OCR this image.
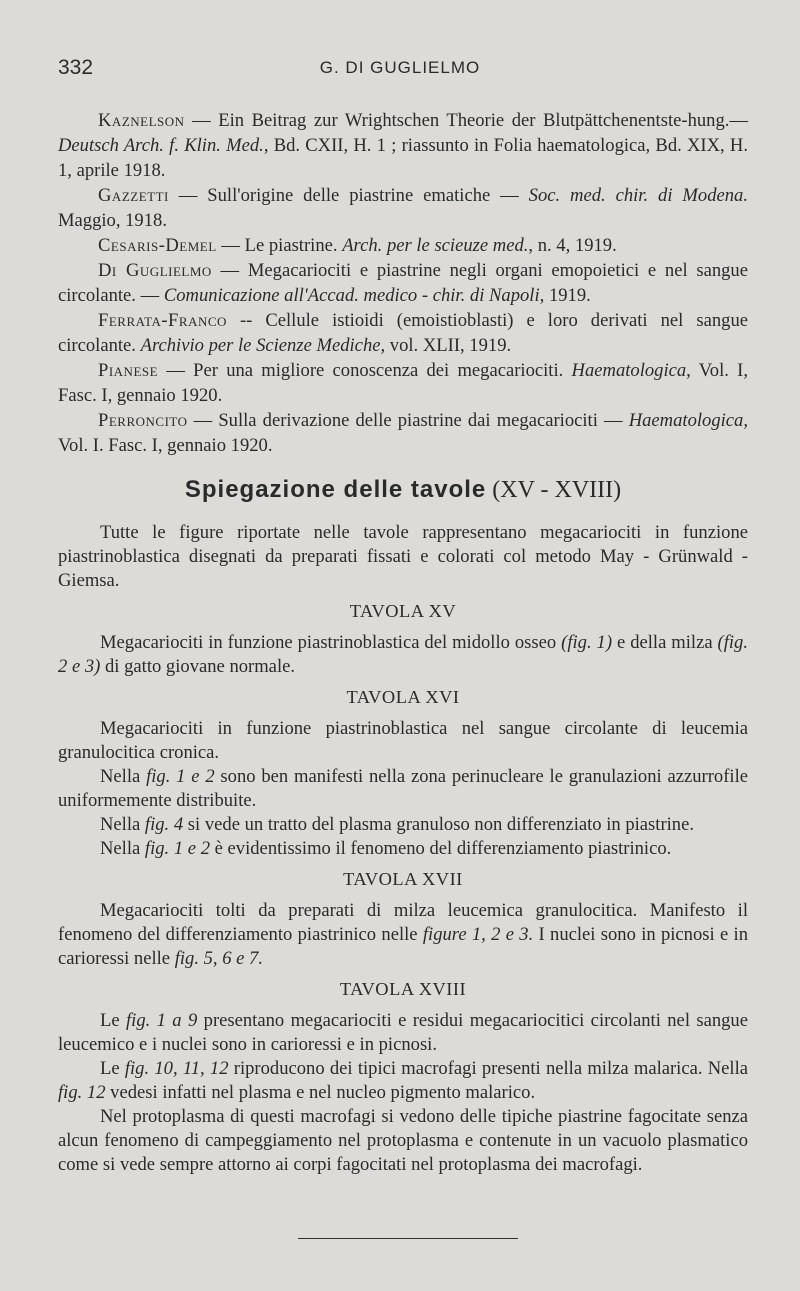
332	G. DI GUGLIELMO

Kaznelson — Ein Beitrag zur Wrightschen Theorie der Blutpättchenentste-hung.—Deutsch Arch. f. Klin. Med., Bd. CXII, H. 1 ; riassunto in Folia haematologica, Bd. XIX, H. 1, aprile 1918.

Gazzetti — Sull'origine delle piastrine ematiche — Soc. med. chir. di Modena. Maggio, 1918.

Cesaris-Demel — Le piastrine. Arch. per le scieuze med., n. 4, 1919.

Di Guglielmo — Megacariociti e piastrine negli organi emopoietici e nel sangue circolante. — Comunicazione all'Accad. medico - chir. di Napoli, 1919.

Ferrata-Franco -- Cellule istioidi (emoistioblasti) e loro derivati nel sangue circolante. Archivio per le Scienze Mediche, vol. XLII, 1919.

Pianese — Per una migliore conoscenza dei megacariociti. Haematologica, Vol. I, Fasc. I, gennaio 1920.

Perroncito — Sulla derivazione delle piastrine dai megacariociti — Haematologica, Vol. I. Fasc. I, gennaio 1920.

Spiegazione delle tavole (XV - XVIII)

Tutte le figure riportate nelle tavole rappresentano megacariociti in funzione piastrinoblastica disegnati da preparati fissati e colorati col metodo May - Grünwald - Giemsa.

TAVOLA XV

Megacariociti in funzione piastrinoblastica del midollo osseo (fig. 1) e della milza (fig. 2 e 3) di gatto giovane normale.

TAVOLA XVI

Megacariociti in funzione piastrinoblastica nel sangue circolante di leucemia granulocitica cronica.

Nella fig. 1 e 2 sono ben manifesti nella zona perinucleare le granulazioni azzurrofile uniformemente distribuite.

Nella fig. 4 si vede un tratto del plasma granuloso non differenziato in piastrine.

Nella fig. 1 e 2 è evidentissimo il fenomeno del differenziamento piastrinico.

TAVOLA XVII

Megacariociti tolti da preparati di milza leucemica granulocitica. Manifesto il fenomeno del differenziamento piastrinico nelle figure 1, 2 e 3. I nuclei sono in picnosi e in carioressi nelle fig. 5, 6 e 7.

TAVOLA XVIII

Le fig. 1 a 9 presentano megacariociti e residui megacariocitici circolanti nel sangue leucemico e i nuclei sono in carioressi e in picnosi.

Le fig. 10, 11, 12 riproducono dei tipici macrofagi presenti nella milza malarica. Nella fig. 12 vedesi infatti nel plasma e nel nucleo pigmento malarico.

Nel protoplasma di questi macrofagi si vedono delle tipiche piastrine fagocitate senza alcun fenomeno di campeggiamento nel protoplasma e contenute in un vacuolo plasmatico come si vede sempre attorno ai corpi fagocitati nel protoplasma dei macrofagi.
